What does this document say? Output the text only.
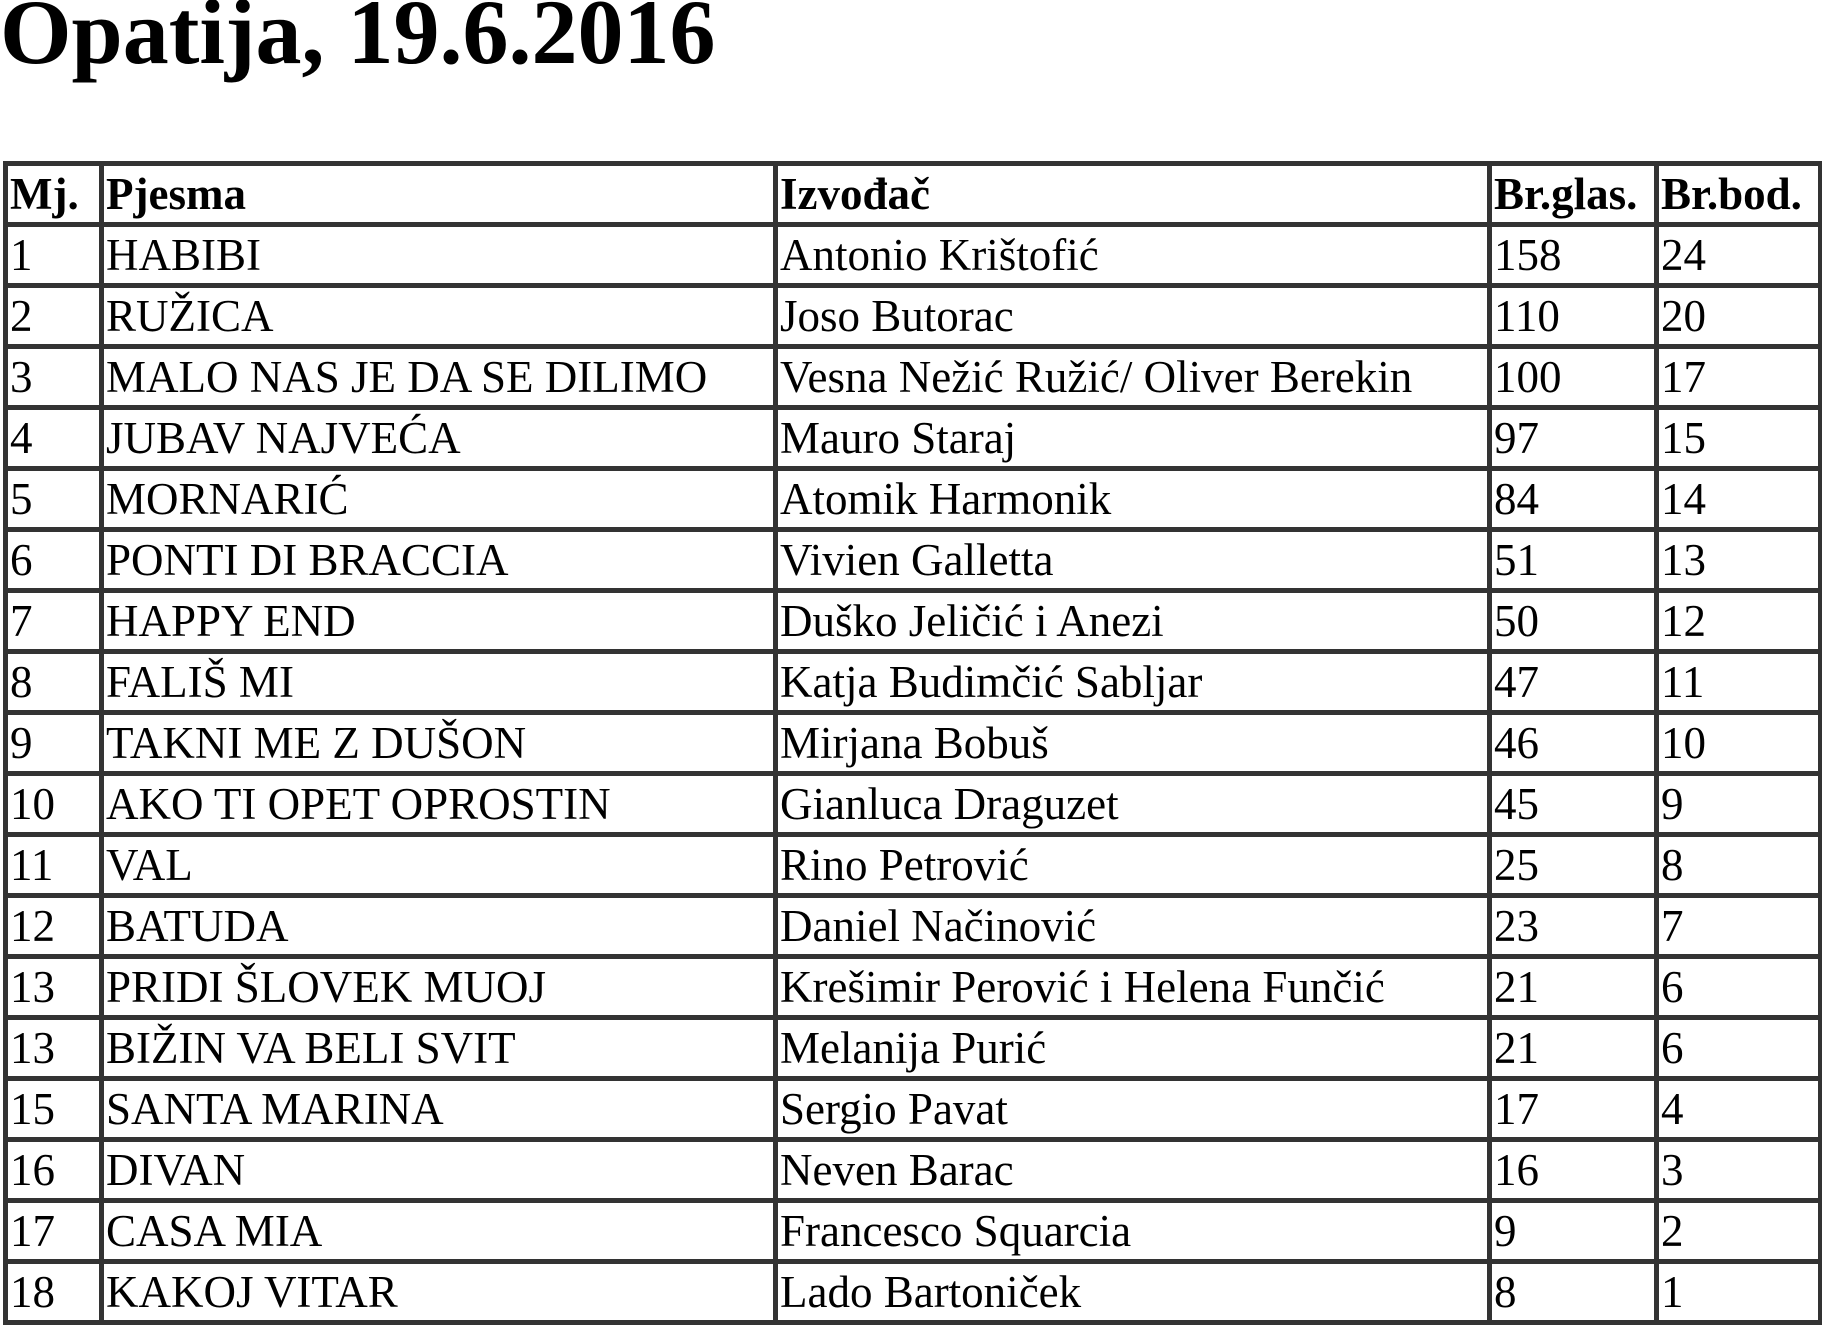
Opatija, 19.6.2016
Mj.	Pjesma	Izvođač	Br.glas.	Br.bod.
1	HABIBI	Antonio Krištofić	158	24
2	RUŽICA	Joso Butorac	110	20
3	MALO NAS JE DA SE DILIMO	Vesna Nežić Ružić/ Oliver Berekin	100	17
4	JUBAV NAJVEĆA	Mauro Staraj	97	15
5	MORNARIĆ	Atomik Harmonik	84	14
6	PONTI DI BRACCIA	Vivien Galletta	51	13
7	HAPPY END	Duško Jeličić i Anezi	50	12
8	FALIŠ MI	Katja Budimčić Sabljar	47	11
9	TAKNI ME Z DUŠON	Mirjana Bobuš	46	10
10	AKO TI OPET OPROSTIN	Gianluca Draguzet	45	9
11	VAL	Rino Petrović	25	8
12	BATUDA	Daniel Načinović	23	7
13	PRIDI ŠLOVEK MUOJ	Krešimir Perović i Helena Funčić	21	6
13	BIŽIN VA BELI SVIT	Melanija Purić	21	6
15	SANTA MARINA	Sergio Pavat	17	4
16	DIVAN	Neven Barac	16	3
17	CASA MIA	Francesco Squarcia	9	2
18	KAKOJ VITAR	Lado Bartoniček	8	1
